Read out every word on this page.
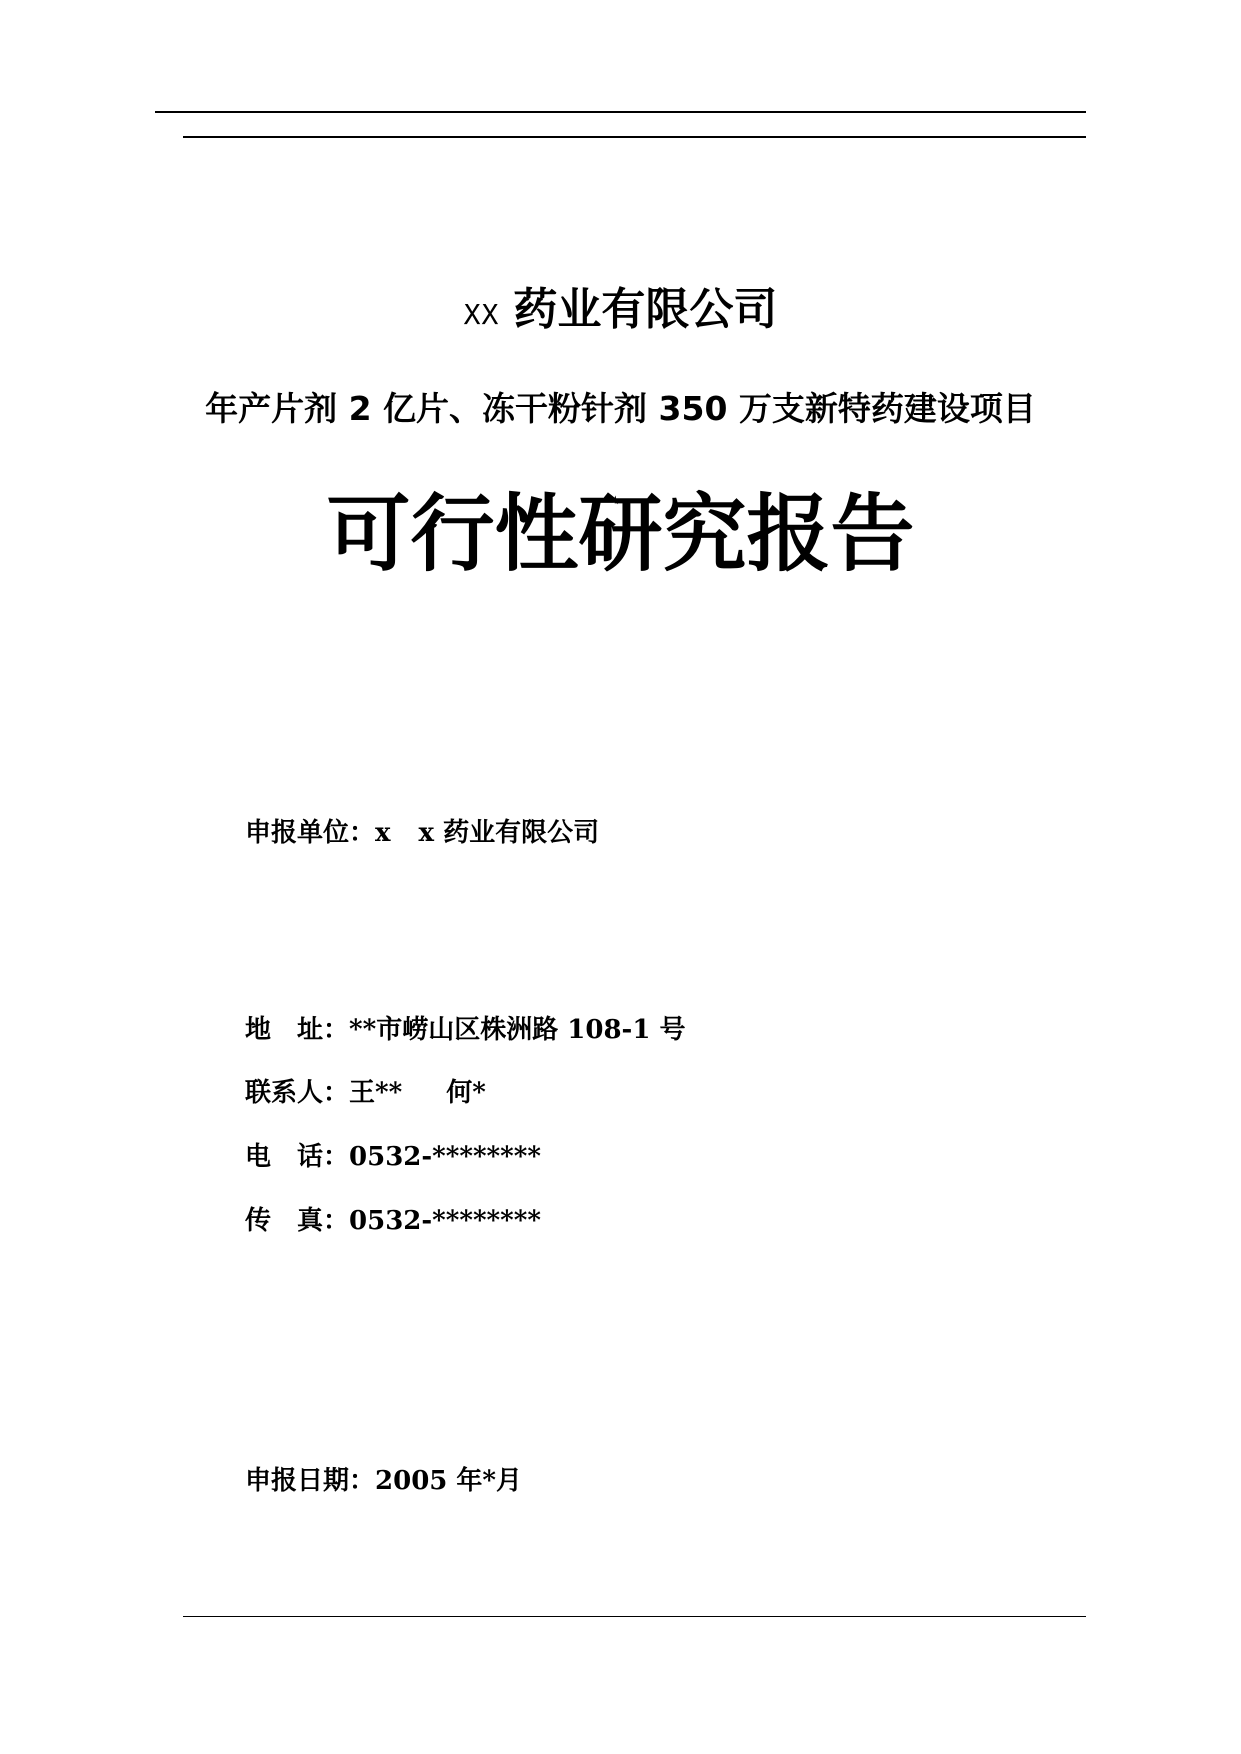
XX 药业有限公司
年产片剂 2 亿片、冻干粉针剂 350 万支新特药建设项目
可行性研究报告
申报单位：x x 药业有限公司
地　址：**市崂山区株洲路 108-1 号
联系人：王** 何*
电　话：0532-********
传　真：0532-********
申报日期：2005 年*月
